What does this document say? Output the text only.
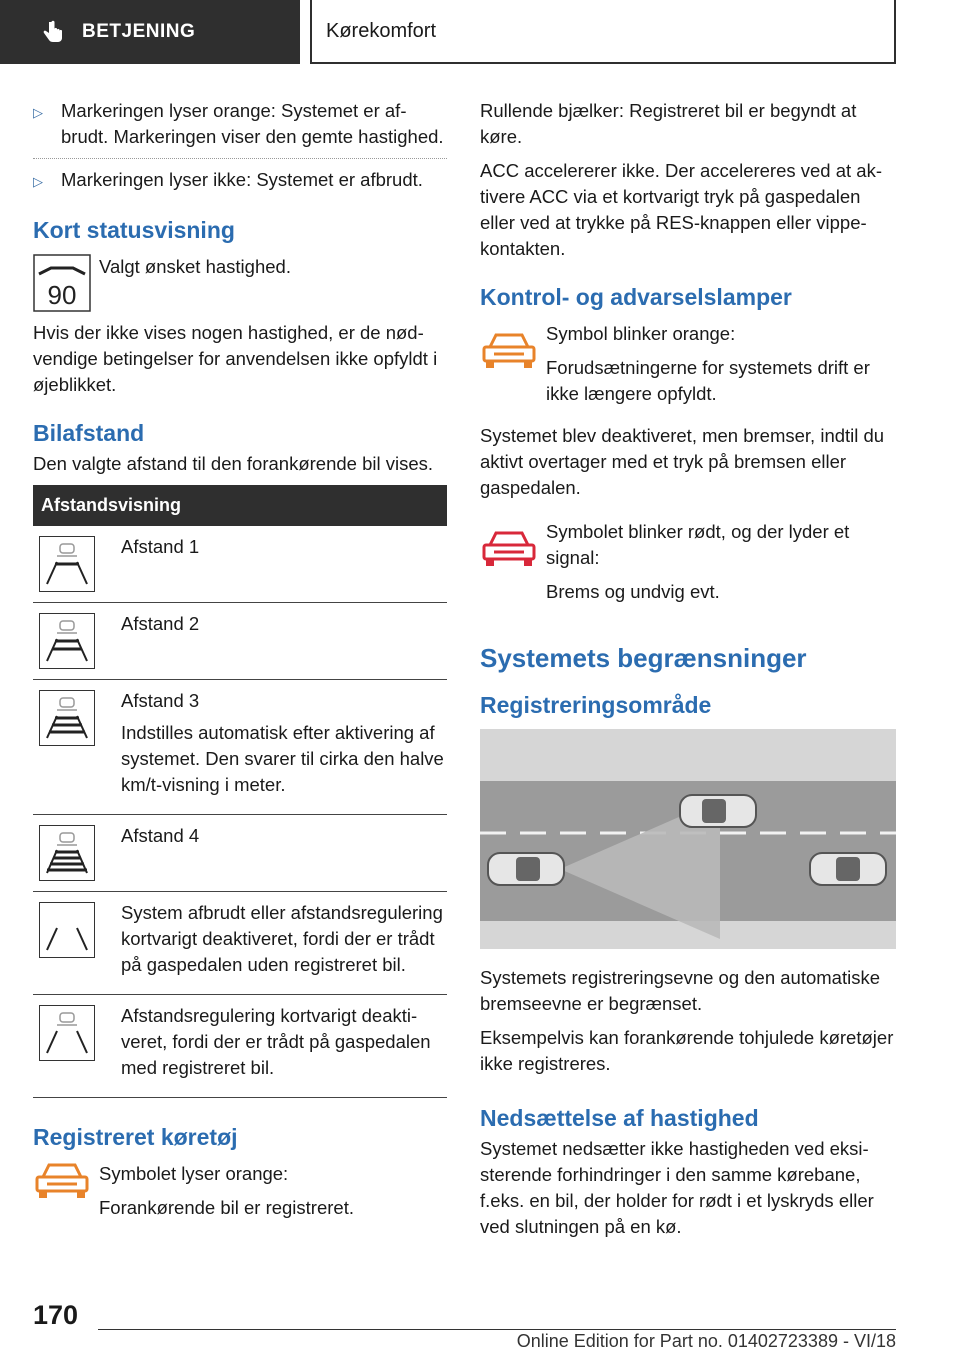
BETJENING	Kørekomfort
▷ Markeringen lyser orange: Systemet er afbrudt. Markeringen viser den gemte hastighed.
▷ Markeringen lyser ikke: Systemet er afbrudt.
Kort statusvisning
90

Valgt ønsket hastighed.

Hvis der ikke vises nogen hastighed, er de nødvendige betingelser for anvendelsen ikke opfyldt i øjeblikket.

Bilafstand

Den valgte afstand til den forankørende bil vises.

Afstandsvisning	

Afstand 1

Afstand 2

Afstand 3

Indstilles automatisk efter aktivering af systemet. Den svarer til cirka den halve km/t-visning i meter.

Afstand 4

System afbrudt eller afstandsregulering kortvarigt deaktiveret, fordi der er trådt på gaspedalen uden registreret bil.

Afstandsregulering kortvarigt deaktiveret, fordi der er trådt på gaspedalen med registreret bil.

Registreret køretøj

Symbolet lyser orange:

Forankørende bil er registreret.

Rullende bjælker: Registreret bil er begyndt at køre.

ACC accelererer ikke. Der accelereres ved at aktivere ACC via et kortvarigt tryk på gaspedalen eller ved at trykke på RES-knappen eller vippekontakten.

Kontrol- og advarselslamper

Symbol blinker orange:

Forudsætningerne for systemets drift er ikke længere opfyldt.

Systemet blev deaktiveret, men bremser, indtil du aktivt overtager med et tryk på bremsen eller gaspedalen.

Symbolet blinker rødt, og der lyder et signal:

Brems og undvig evt.

Systemets begrænsninger
Registreringsområde

Systemets registreringsevne og den automatiske bremseevne er begrænset.

Eksempelvis kan forankørende tohjulede køretøjer ikke registreres.

Nedsættelse af hastighed

Systemet nedsætter ikke hastigheden ved eksisterende forhindringer i den samme kørebane, f.eks. en bil, der holder for rødt i et lyskryds eller ved slutningen på en kø.

170
Online Edition for Part no. 01402723389 - VI/18
